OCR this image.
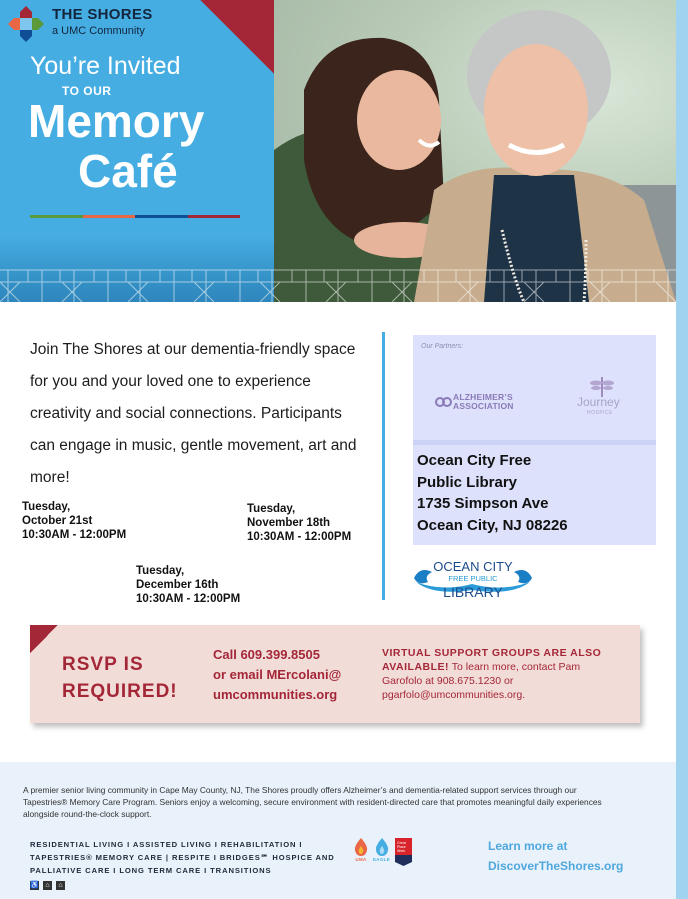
THE SHORES
a UMC Community
You’re Invited
TO OUR
Memory
Café
Join The Shores at our dementia-friendly space for you and your loved one to experience creativity and social connections. Participants can engage in music, gentle movement, art and more!
Tuesday,
October 21st
10:30AM - 12:00PM
Tuesday,
November 18th
10:30AM - 12:00PM
Tuesday,
December 16th
10:30AM - 12:00PM
Our Partners:
ALZHEIMER’S
ASSOCIATION	Journey
HOSPICE
Ocean City Free
Public Library
1735 Simpson Ave
Ocean City, NJ 08226
OCEAN CITY
FREE PUBLIC
LIBRARY
RSVP IS
REQUIRED!
Call 609.399.8505
or email MErcolani@
umcommunities.org
VIRTUAL SUPPORT GROUPS ARE ALSO AVAILABLE! To learn more, contact Pam Garofolo at 908.675.1230 or pgarfolo@umcommunities.org.
A premier senior living community in Cape May County, NJ, The Shores proudly offers Alzheimer’s and dementia-related support services through our Tapestries® Memory Care Program. Seniors enjoy a welcoming, secure environment with resident-directed care that promotes meaningful daily experiences alongside round-the-clock support.
RESIDENTIAL LIVING I ASSISTED LIVING I REHABILITATION I TAPESTRIES® MEMORY CARE | RESPITE I BRIDGES℠ HOSPICE AND PALLIATIVE CARE I LONG TERM CARE I TRANSITIONS
♿ ⌂	⌂
UMA EAGLE
Great
Place
Work	Learn more at
DiscoverTheShores.org
